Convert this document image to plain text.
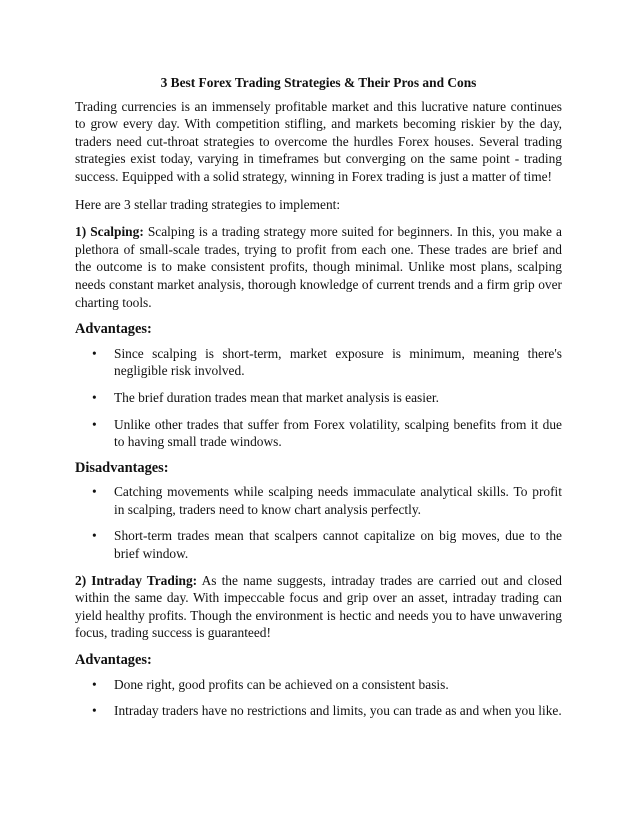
3 Best Forex Trading Strategies & Their Pros and Cons

Trading currencies is an immensely profitable market and this lucrative nature continues to grow every day. With competition stifling, and markets becoming riskier by the day, traders need cut-throat strategies to overcome the hurdles Forex houses. Several trading strategies exist today, varying in timeframes but converging on the same point - trading success. Equipped with a solid strategy, winning in Forex trading is just a matter of time!

Here are 3 stellar trading strategies to implement:

1) Scalping: Scalping is a trading strategy more suited for beginners. In this, you make a plethora of small-scale trades, trying to profit from each one. These trades are brief and the outcome is to make consistent profits, though minimal. Unlike most plans, scalping needs constant market analysis, thorough knowledge of current trends and a firm grip over charting tools.

Advantages:
• Since scalping is short-term, market exposure is minimum, meaning there's negligible risk involved.
• The brief duration trades mean that market analysis is easier.
• Unlike other trades that suffer from Forex volatility, scalping benefits from it due to having small trade windows.
Disadvantages:
• Catching movements while scalping needs immaculate analytical skills. To profit in scalping, traders need to know chart analysis perfectly.
• Short-term trades mean that scalpers cannot capitalize on big moves, due to the brief window.

2) Intraday Trading: As the name suggests, intraday trades are carried out and closed within the same day. With impeccable focus and grip over an asset, intraday trading can yield healthy profits. Though the environment is hectic and needs you to have unwavering focus, trading success is guaranteed!

Advantages:
• Done right, good profits can be achieved on a consistent basis.
• Intraday traders have no restrictions and limits, you can trade as and when you like.
